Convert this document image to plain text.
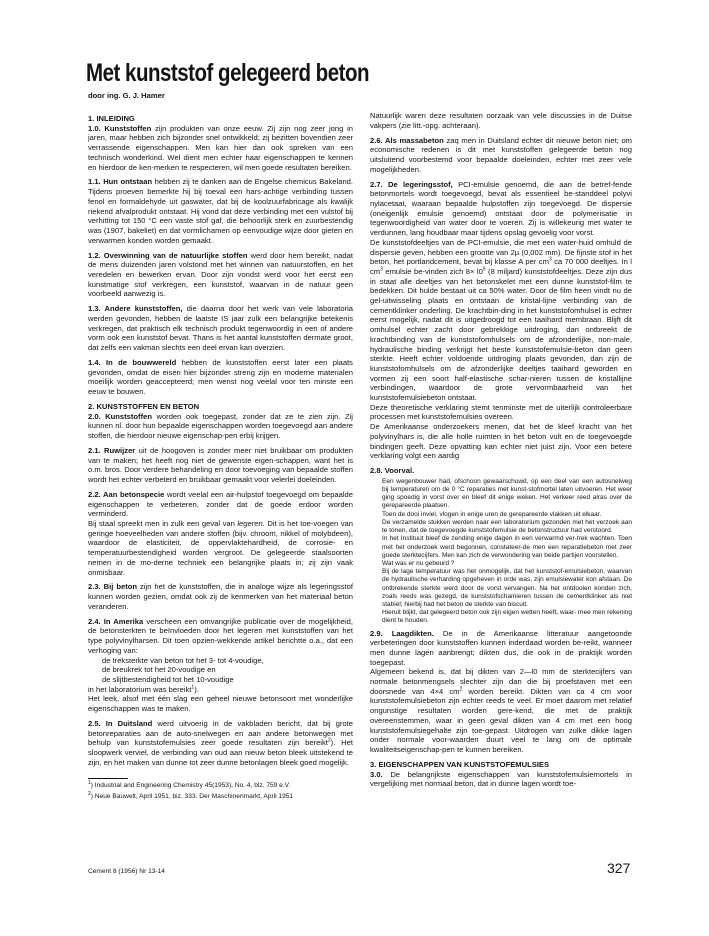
Met kunststof gelegeerd beton

door ing. G. J. Hamer

1. INLEIDING

1.0. Kunststoffen zijn produkten van onze eeuw. Zij zijn nog zeer jong in jaren, maar hebben zich bijzonder snel ontwikkeld; zij bezitten bovendien zeer verrassende eigenschappen. Men kan hier dan ook spreken van een technisch wonderkind. Wel dient men echter haar eigenschappen te kennen en hierdoor de ken-merken te respecteren, wil men goede resultaten bereiken.

1.1. Hun ontstaan hebben zij te danken aan de Engelse chemicus Bakeland. Tijdens proeven bemerkte hij bij toeval een hars-achtige verbinding tussen fenol en formaldehyde uit gaswater, dat bij de koolzuurfabricage als kwalijk riekend afvalprodukt ontstaat. Hij vond dat deze verbinding met een vulstof bij verhitting tot 150 °C een vaste stof gaf, die behoorlijk sterk en zuurbestendig was (1907, bakeliet) en dat vormlichamen op eenvoudige wijze door gieten en verwarmen konden worden gemaakt.

1.2. Overwinning van de natuurlijke stoffen werd door hem bereikt, nadat de mens duizenden jaren volstond met het winnen van natuurstoffen, en het veredelen en bewerken ervan. Door zijn vondst werd voor het eerst een kunstmatige stof verkregen, een kunststof, waarvan in de natuur geen voorbeeld aanwezig is.

1.3. Andere kunststoffen, die daarna door het werk van vele laboratoria werden gevonden, hebben de laatste IS jaar zulk een belangrijke betekenis verkregen, dat praktisch elk technisch produkt tegenwoordig in een of andere vorm ook een kunststof bevat. Thans is het aantal kunststoffen dermate groot, dat zelfs een vakman slechts een deel ervan kan overzien.

1.4. In de bouwwereld hebben de kunststoffen eerst later een plaats gevonden, omdat de eisen hier bijzonder streng zijn en moderne materialen moeilijk worden geaccepteerd; men wenst nog veelal voor ten minste een eeuw te bouwen.

2. KUNSTSTOFFEN EN BETON

2.0. Kunststoffen worden ook toegepast, zonder dat ze te zien zijn. Zij kunnen nl. door hun bepaalde eigenschappen worden toegevoegd aan andere stoffen, die hierdoor nieuwe eigenschap-pen erbij krijgen.

2.1. Ruwijzer uit de hoogoven is zonder meer niet bruikbaar om produkten van te maken; het heeft nog niet de gewenste eigen-schappen, want het is o.m. bros. Door verdere behandeling en door toevoeging van bepaalde stoffen wordt het echter verbeterd en bruikbaar gemaakt voor velerlei doeleinden.

2.2. Aan betonspecie wordt veelal een air-hulpstof toegevoegd om bepaalde eigenschappen te verbeteren, zonder dat de goede erdoor worden verminderd.

Bij staal spreekt men in zulk een geval van legeren. Dit is het toe-voegen van geringe hoeveelheden van andere stoffen (bijv. chroom, nikkel of molybdeen), waardoor de elasticiteit, de oppervlaktehardheid, de corrosie- en temperatuurbestendigheid worden vergroot. De gelegeerde staalsoorten nemen in de mo-derne techniek een belangrijke plaats in; zij zijn vaak onmisbaar.

2.3. Bij beton zijn het de kunststoffen, die in analoge wijze als legeringsstof kunnen worden gezien, omdat ook zij de kenmerken van het materiaal beton veranderen.

2.4. In Amerika verscheen een omvangrijke publicatie over de mogelijkheid, de betonsterkten te beïnvloeden door het legeren met kunststoffen van het type polyvinylharsen. Dit toen opzien-wekkende artikel berichtte o.a., dat een verhoging van:

de treksterkte van beton tot het 3- tot 4-voudige,

de breukrek tot het 20-voudige en

de slijtbestendigheid tot het 10-voudige

in het laboratorium was bereikt$^1$).

Het leek, alsof met één slag een geheel nieuwe betonsoort met wonderlijke eigenschappen was te maken.

2.5. In Duitsland werd uitvoerig in de vakbladen bericht, dat bij grote betonreparaties aan de auto-snelwegen en aan andere betonwegen met behulp van kunststofemulsies zeer goede resultaten zijn bereikt$^2$). Het sloopwerk verviel, de verbinding van oud aan nieuw beton bleek uitstekend te zijn, en het maken van dunne tot zeer dunne betonlagen bleek goed mogelijk.

$^1$) Industrial and Engineering Chemistry 45(1953), No. 4, blz. 759 e.V.

$^2$) Neue Bauwelt, April 1951, biz. 333. Der Maschinenmarkt, April 1951

Natuurlijk waren deze resultaten oorzaak van vele discussies in de Duitse vakpers (zie litt.-opg. achteraan).

2.6. Als massabeton zaq men in Duitsland echter dit nieuwe beton niet; om economische redenen is dit met kunststoffen gelegeerde beton nog uitsluitend voorbestemd voor bepaalde doeleinden, echter met zeer vele mogelijkheden.

2.7. De legeringsstof, PCI-emulsie genoemd, die aan de betref-fende betonmortels wordt toegevoegd, bevat als essentieel be-standdeel polyvi nylacetaat, waaraan bepaalde hulpstoffen zijn toegevoegd. De dispersie (oneigenlijk emulsie genoemd) ontstaat door de polymerisatie in tegenwoordigheid van water door te voeren. Zij is willekeurig met water te verdunnen, lang houdbaar maar tijdens opslag gevoelig voor vorst.

De kunststofdeeltjes van de PCI-emulsie, die met een water-huid omhuld de dispersie geven, hebben een grootte van 2µ (0,002 mm). De fijnste stof in het beton, het portlandcement, bevat bij klasse A per $cm^3$ ca 70 000 deeltjes. In l $cm^3$ emulsie be-vinden zich $8\times l0^9$ (8 miljard) kunststofdeeltjes. Deze zijn dus in staat alle deeltjes van het betonskelet met een dunne kunststof-film te bedekken. Dit hulde bestaat uit ca 50% water. Door de film heen vindt nu de gel-uitwisseling plaats en ontstaan de kristal-lijne verbinding van de cementklinker onderling. De krachtbin-ding in het kunststofomhulsel is echter eerst mogelijk, nadat dit is uitgedroogd tot een taaihard membraan. Blijft dit omhulsel echter zacht door gebrekkige uitdroging, dan ontbreekt de krachtbinding van de kunststofomhulsels om de afzonderlijke, non-male, hydraulische binding verkrijgt het beste kunststofemulsie-beton dan geen sterkte. Heeft echter voldoende uitdroging plaats gevonden, dan zijn de kunststofomhulsels om de afzonderlijke deeltjes taaihard geworden en vormen zij een soort half-elastische schar-nieren tussen de kristallijne verbindingen, waardoor de grote vervormbaarheid van het kunststofemulsiebeton ontstaat.

Deze theoretische verklaring stemt tenminste met de uiterlijk controleerbare processen met kunststofemulsies overeen.

De Amerikaanse onderzoekers menen, dat het de kleef kracht van het polyvinylhars is, die alle holle ruimten in het beton vult en de toegevoegde bindingen geeft. Deze opvatting kan echter niet juist zijn. Voor een betere verklaring volgt een aardig

2.8. Voorval.

Een wegenbouwer had, ofschoon gewaarschuwd, op een deel van een autosnelweg bij temperaturen om de 0 °C reparaties met kunst-stofmortel laten uitvoeren. Het weer ging spoedig in vorst over en bleef dit enige weken. Het verkeer reed alras over de gerepareerde plaatsen.

Toen de dooi inviel, vlogen in enige uren de gerepareerde vlakken uit elkaar.

De verzamelde stukken werden naar een laboratorium gezonden met het verzoek aan te tonen, dat de toegevoegde kunststofemulsie de betonstructuur had verstoord.

In het Instituut bleef de zending enige dagen in een verwarmd ver-trek wachten. Toen met het onderzoek werd begonnen, constateer-de men een reparatiebeton met zeer goede sterktecijfers. Men kan zich de verwondering van beide partijen voorstellen.

Wat was er nu gebeurd ?

Bij de lage temperatuur was het onmogelijk, dat het kunststof-emulsiebeton, waarvan de hydraulische verharding opgeheven in orde was, zijn emulsiewater kon afstaan. De ontbrekende sterkte werd door de vorst vervangen. Na het ontdooien konden zich, zoals reeds was gezegd, de kunststofschamieren tussen de cementklinker als niet stabiel; hierbij had het beton de sterkte van biscuit.

Hieruit blijkt, dat gelegeerd beton ook zijn eigen wetten heeft, waar- mee men rekening dient te houden.

2.9. Laagdikten. De in de Amerikaanse litteratuur aangetoonde verbeteringen door kunststoffen kunnen inderdaad worden be-reikt, wanneer men dunne lagen aanbrengt; dikten dus, die ook in de praktijk worden toegepast.

Algemeen bekend is, dat bij dikten van 2—l0 mm de sterktecijfers van normale betonmengsels slechter zijn dan die bij proefstaven met een doorsnede van 4×4 $cm^2$ worden bereikt. Dikten van ca 4 cm voor kunststofemulsiebeton zijn echter reeds te veel. Er moet daarom met relatief ongunstige resultaten worden gere-kend, die met de praktijk overeenstemmen, waar in geen geval dikten van 4 cm met een hoog kunststofemulsiegehalte zijn toe-gepast. Uitdrogen van zulke dikke lagen onder normale voor-waarden duurt veel te lang om de optimale kwaliteitseigenschap-pen te kunnen bereiken.

3. EIGENSCHAPPEN VAN KUNSTSTOFEMULSIES

3.0. De belangrijkste eigenschappen van kunststofemulsiemortels in vergelijking met normaal beton, dat in dunne lagen wordt toe-

Cement 8 (1956) Nr 13-14	327
